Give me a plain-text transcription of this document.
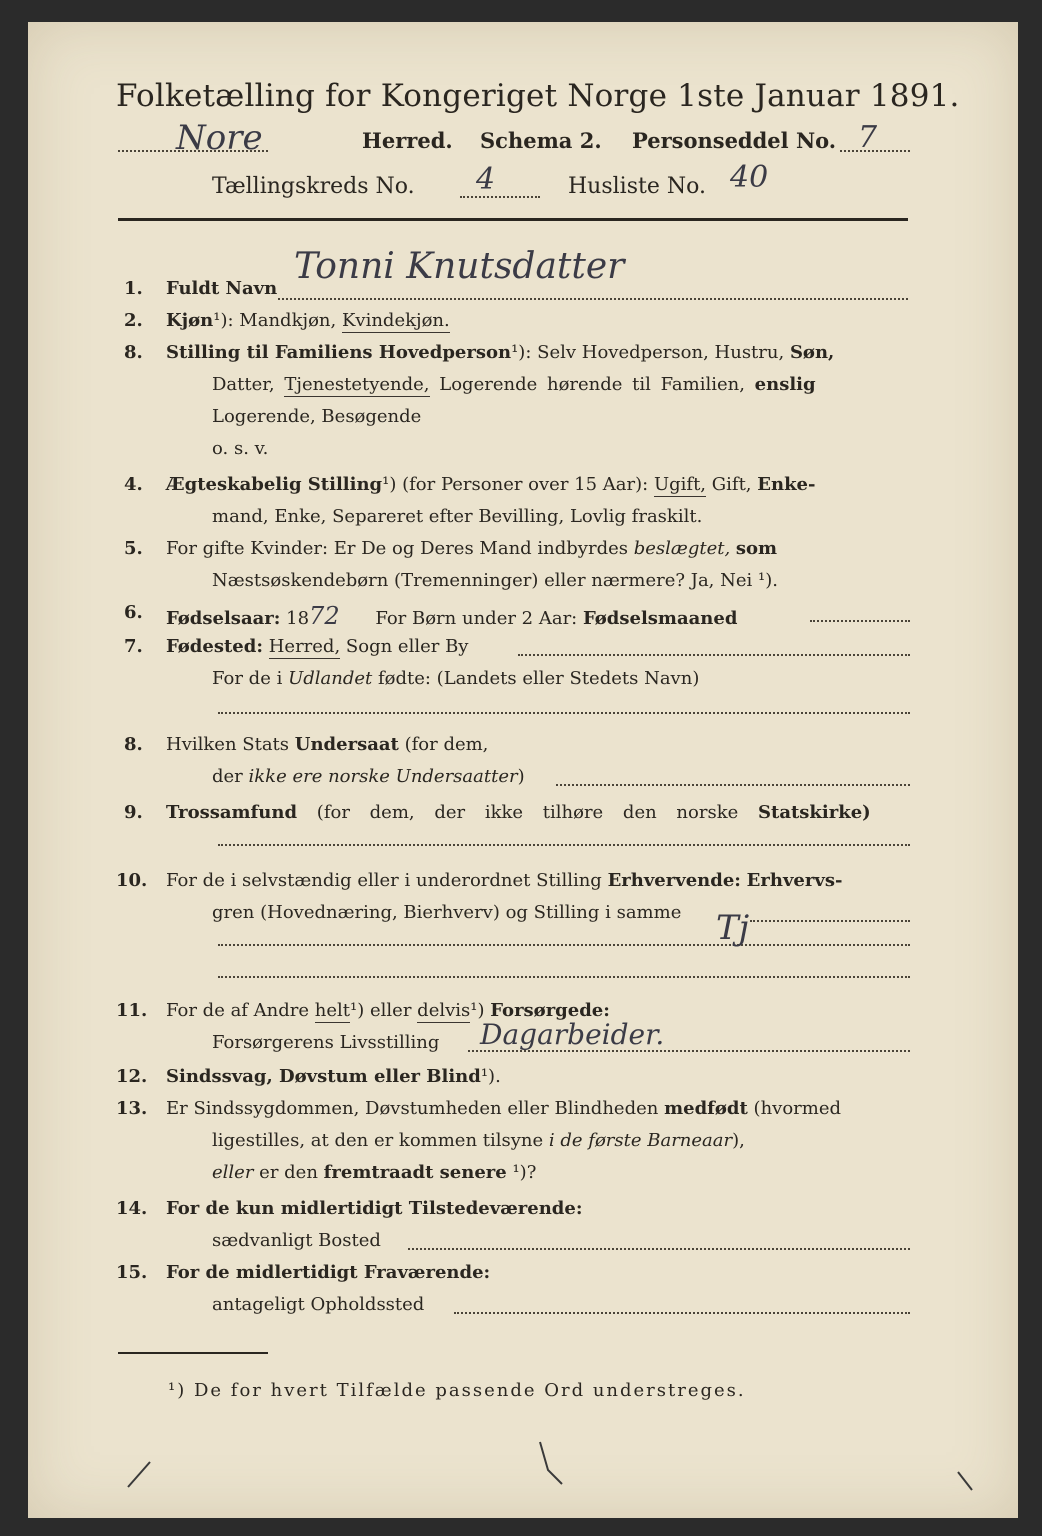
Folketælling for Kongeriget Norge 1ste Januar 1891.
Nore	Herred. Schema 2. Personseddel No. 7
Tællingskreds No. 4	Husliste No. 40
1. Fuldt Navn
Tonni Knutsdatter
2. Kjøn¹): Mandkjøn, Kvindekjøn.
8. Stilling til Familiens Hovedperson¹): Selv Hovedperson, Hustru, Søn,
Datter, Tjenestetyende, Logerende hørende til Familien, enslig
Logerende, Besøgende
o. s. v.
4. Ægteskabelig Stilling¹) (for Personer over 15 Aar): Ugift, Gift, Enke-
mand, Enke, Separeret efter Bevilling, Lovlig fraskilt.
5. For gifte Kvinder: Er De og Deres Mand indbyrdes beslægtet, som
Næstsøskendebørn (Tremenninger) eller nærmere? Ja, Nei ¹).
6. Fødselsaar: 1872 For Børn under 2 Aar: Fødselsmaaned
7. Fødested: Herred, Sogn eller By
For de i Udlandet fødte: (Landets eller Stedets Navn)
8. Hvilken Stats Undersaat (for dem,
der ikke ere norske Undersaatter)
9. Trossamfund (for dem, der ikke tilhøre den norske Statskirke)
10. For de i selvstændig eller i underordnet Stilling Erhvervende: Erhvervs-
gren (Hovednæring, Bierhverv) og Stilling i samme Tj
11. For de af Andre helt¹) eller delvis¹) Forsørgede:
Forsørgerens Livsstilling Dagarbeider.
12. Sindssvag, Døvstum eller Blind¹).
13. Er Sindssygdommen, Døvstumheden eller Blindheden medfødt (hvormed
ligestilles, at den er kommen tilsyne i de første Barneaar),
eller er den fremtraadt senere ¹)?
14. For de kun midlertidigt Tilstedeværende:
sædvanligt Bosted
15. For de midlertidigt Fraværende:
antageligt Opholdssted
¹) De for hvert Tilfælde passende Ord understreges.
